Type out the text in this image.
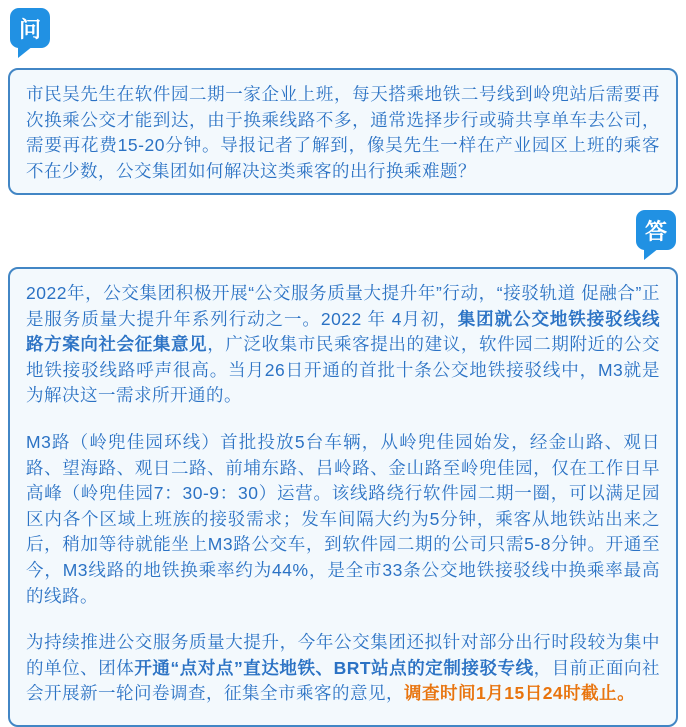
问

市民吴先生在软件园二期一家企业上班，每天搭乘地铁二号线到岭兜站后需要再次换乘公交才能到达，由于换乘线路不多，通常选择步行或骑共享单车去公司，需要再花费15-20分钟。导报记者了解到，像吴先生一样在产业园区上班的乘客不在少数，公交集团如何解决这类乘客的出行换乘难题？

答

2022年，公交集团积极开展“公交服务质量大提升年”行动，“接驳轨道 促融合”正是服务质量大提升年系列行动之一。2022 年 4月初，集团就公交地铁接驳线线路方案向社会征集意见，广泛收集市民乘客提出的建议，软件园二期附近的公交地铁接驳线路呼声很高。当月26日开通的首批十条公交地铁接驳线中，M3就是为解决这一需求所开通的。

M3路（岭兜佳园环线）首批投放5台车辆，从岭兜佳园始发，经金山路、观日路、望海路、观日二路、前埔东路、吕岭路、金山路至岭兜佳园，仅在工作日早高峰（岭兜佳园7：30-9：30）运营。该线路绕行软件园二期一圈，可以满足园区内各个区域上班族的接驳需求；发车间隔大约为5分钟，乘客从地铁站出来之后，稍加等待就能坐上M3路公交车，到软件园二期的公司只需5-8分钟。开通至今，M3线路的地铁换乘率约为44%，是全市33条公交地铁接驳线中换乘率最高的线路。

为持续推进公交服务质量大提升，今年公交集团还拟针对部分出行时段较为集中的单位、团体开通“点对点”直达地铁、BRT站点的定制接驳专线，目前正面向社会开展新一轮问卷调查，征集全市乘客的意见，调查时间1月15日24时截止。
